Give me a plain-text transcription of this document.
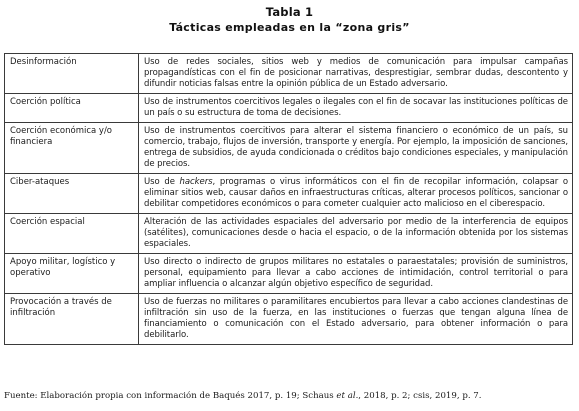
Tabla 1
Tácticas empleadas en la “zona gris”
Desinformación	Uso de redes sociales, sitios web y medios de comunicación para impulsar campañas propagandísticas con el fin de posicionar narrativas, desprestigiar, sembrar dudas, descontento y difundir noticias falsas entre la opinión pública de un Estado adversario.
Coerción política	Uso de instrumentos coercitivos legales o ilegales con el fin de socavar las instituciones políticas de un país o su estructura de toma de decisiones.
Coerción económica y/o financiera	Uso de instrumentos coercitivos para alterar el sistema financiero o económico de un país, su comercio, trabajo, flujos de inversión, transporte y energía. Por ejemplo, la imposición de sanciones, entrega de subsidios, de ayuda condicionada o créditos bajo condiciones especiales, y manipulación de precios.
Ciber-ataques	Uso de hackers, programas o virus informáticos con el fin de recopilar información, colapsar o eliminar sitios web, causar daños en infraestructuras críticas, alterar procesos políticos, sancionar o debilitar competidores económicos o para cometer cualquier acto malicioso en el ciberespacio.
Coerción espacial	Alteración de las actividades espaciales del adversario por medio de la interferencia de equipos (satélites), comunicaciones desde o hacia el espacio, o de la información obtenida por los sistemas espaciales.
Apoyo militar, logístico y operativo	Uso directo o indirecto de grupos militares no estatales o paraestatales; provisión de suministros, personal, equipamiento para llevar a cabo acciones de intimidación, control territorial o para ampliar influencia o alcanzar algún objetivo específico de seguridad.
Provocación a través de infiltración	Uso de fuerzas no militares o paramilitares encubiertos para llevar a cabo acciones clandestinas de infiltración sin uso de la fuerza, en las instituciones o fuerzas que tengan alguna línea de financiamiento o comunicación con el Estado adversario, para obtener información o para debilitarlo.
Fuente: Elaboración propia con información de Baqués 2017, p. 19; Schaus et al., 2018, p. 2; csis, 2019, p. 7.
